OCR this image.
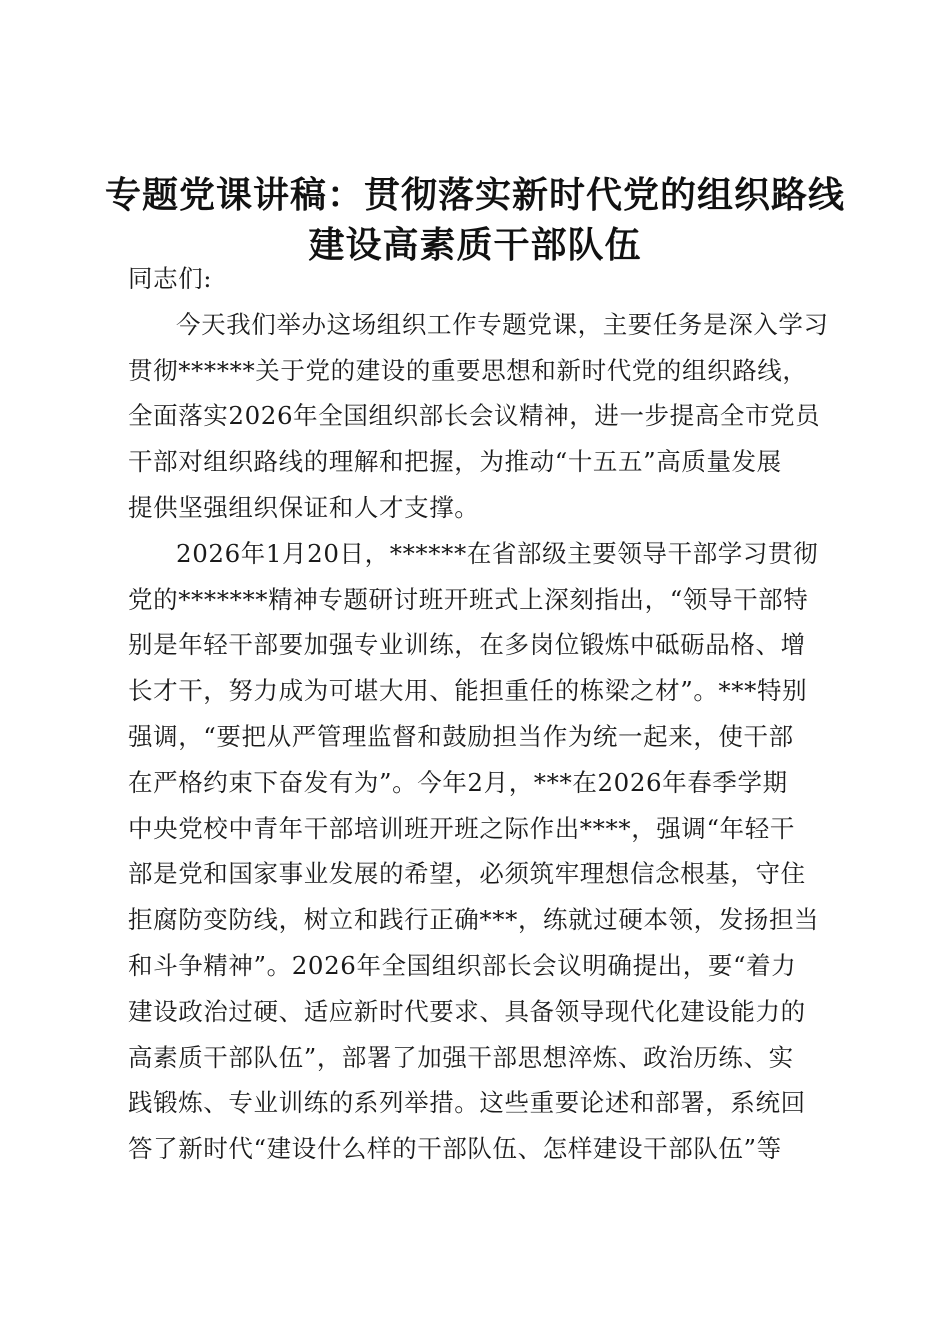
专题党课讲稿：贯彻落实新时代党的组织路线
建设高素质干部队伍
同志们:
今天我们举办这场组织工作专题党课，主要任务是深入学习
贯彻******关于党的建设的重要思想和新时代党的组织路线，
全面落实2026年全国组织部长会议精神，进一步提高全市党员
干部对组织路线的理解和把握，为推动“十五五”高质量发展
提供坚强组织保证和人才支撑。
2026年1月20日，******在省部级主要领导干部学习贯彻
党的*******精神专题研讨班开班式上深刻指出，“领导干部特
别是年轻干部要加强专业训练，在多岗位锻炼中砥砺品格、增
长才干，努力成为可堪大用、能担重任的栋梁之材”。***特别
强调，“要把从严管理监督和鼓励担当作为统一起来，使干部
在严格约束下奋发有为”。今年2月，***在2026年春季学期
中央党校中青年干部培训班开班之际作出****，强调“年轻干
部是党和国家事业发展的希望，必须筑牢理想信念根基，守住
拒腐防变防线，树立和践行正确***，练就过硬本领，发扬担当
和斗争精神”。2026年全国组织部长会议明确提出，要“着力
建设政治过硬、适应新时代要求、具备领导现代化建设能力的
高素质干部队伍”，部署了加强干部思想淬炼、政治历练、实
践锻炼、专业训练的系列举措。这些重要论述和部署，系统回
答了新时代“建设什么样的干部队伍、怎样建设干部队伍”等
